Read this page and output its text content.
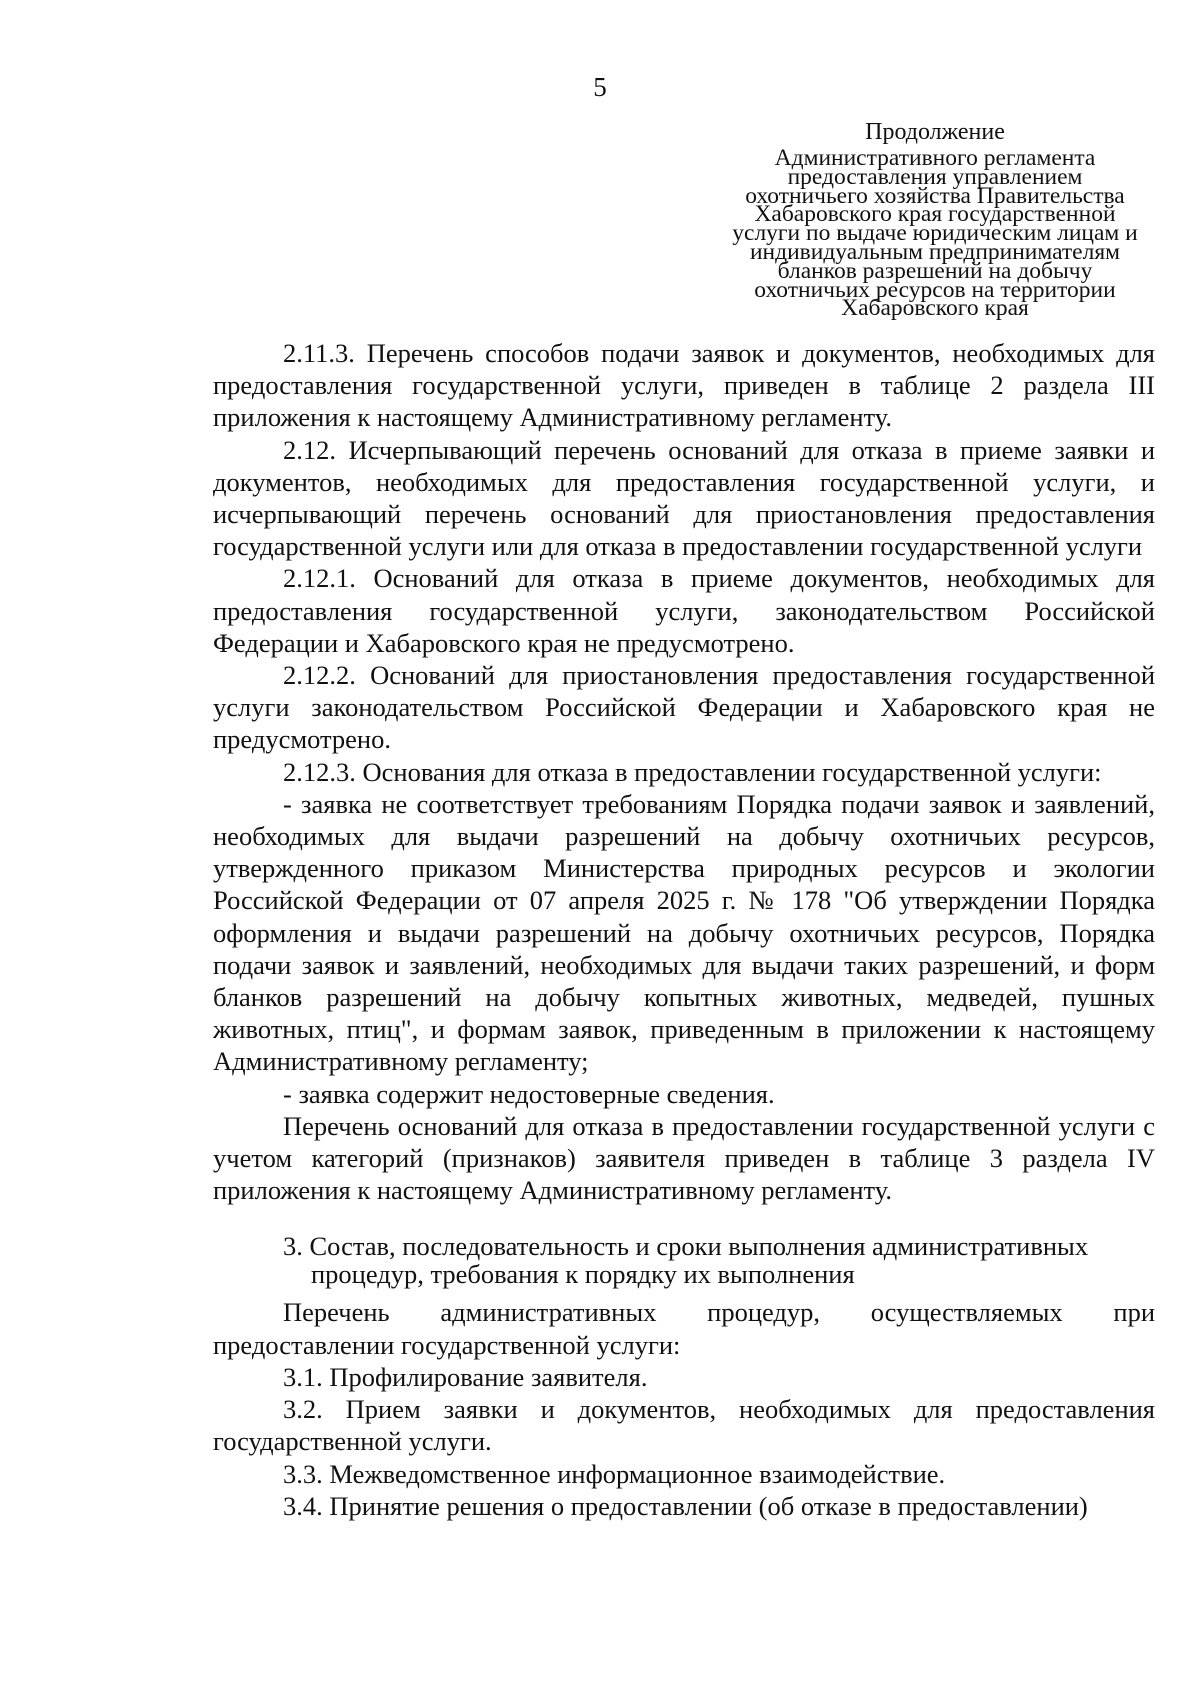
5
Продолжение
Административного регламента
предоставления управлением
охотничьего хозяйства Правительства
Хабаровского края государственной
услуги по выдаче юридическим лицам и
индивидуальным предпринимателям
бланков разрешений на добычу
охотничьих ресурсов на территории
Хабаровского края

2.11.3. Перечень способов подачи заявок и документов, необходимых для предоставления государственной услуги, приведен в таблице 2 раздела III приложения к настоящему Административному регламенту.

2.12. Исчерпывающий перечень оснований для отказа в приеме заявки и документов, необходимых для предоставления государственной услуги, и исчерпывающий перечень оснований для приостановления предоставления государственной услуги или для отказа в предоставлении государственной услуги

2.12.1. Оснований для отказа в приеме документов, необходимых для предоставления государственной услуги, законодательством Российской Федерации и Хабаровского края не предусмотрено.

2.12.2. Оснований для приостановления предоставления государственной услуги законодательством Российской Федерации и Хабаровского края не предусмотрено.

2.12.3. Основания для отказа в предоставлении государственной услуги:

- заявка не соответствует требованиям Порядка подачи заявок и заявлений, необходимых для выдачи разрешений на добычу охотничьих ресурсов, утвержденного приказом Министерства природных ресурсов и экологии Российской Федерации от 07 апреля 2025 г. № 178 "Об утверждении Порядка оформления и выдачи разрешений на добычу охотничьих ресурсов, Порядка подачи заявок и заявлений, необходимых для выдачи таких разрешений, и форм бланков разрешений на добычу копытных животных, медведей, пушных животных, птиц", и формам заявок, приведенным в приложении к настоящему Административному регламенту;

- заявка содержит недостоверные сведения.

Перечень оснований для отказа в предоставлении государственной услуги с учетом категорий (признаков) заявителя приведен в таблице 3 раздела IV приложения к настоящему Административному регламенту.

3. Состав, последовательность и сроки выполнения административных
процедур, требования к порядку их выполнения

Перечень административных процедур, осуществляемых при предоставлении государственной услуги:

3.1. Профилирование заявителя.

3.2. Прием заявки и документов, необходимых для предоставления государственной услуги.

3.3. Межведомственное информационное взаимодействие.

3.4. Принятие решения о предоставлении (об отказе в предоставлении)
